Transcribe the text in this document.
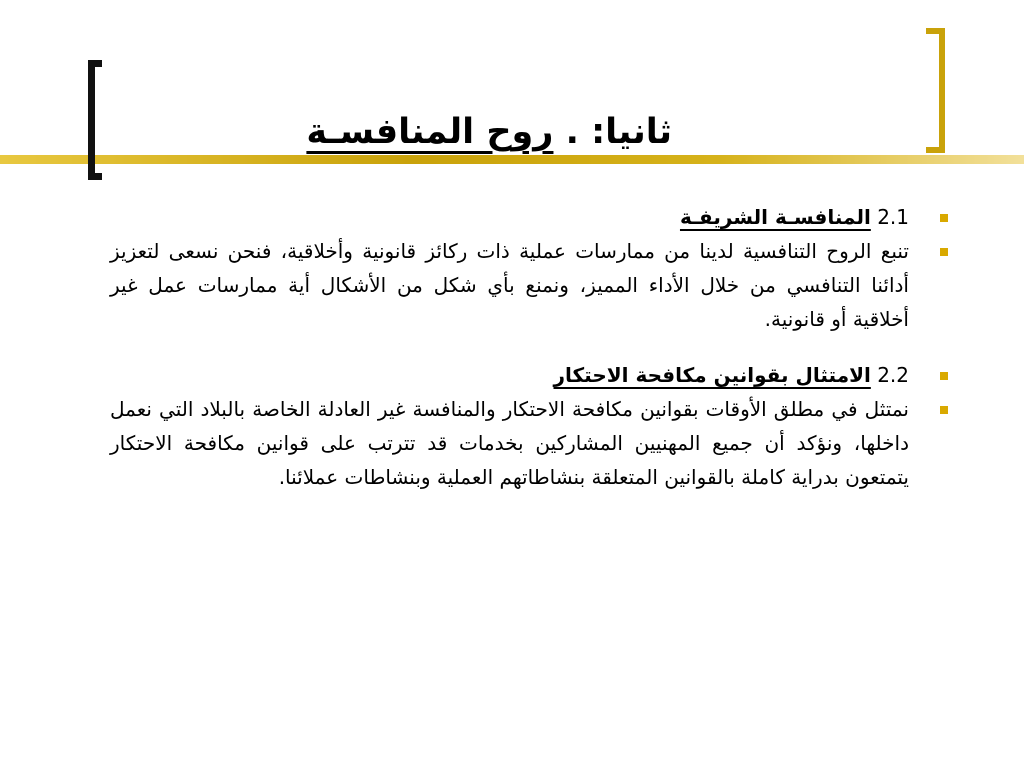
ثانيا: . روح المنافسـة
2.1 المنافسـة الشريفـة
تنبع الروح التنافسية لدينا من ممارسات عملية ذات ركائز قانونية وأخلاقية، فنحن نسعى لتعزيز أدائنا التنافسي من خلال الأداء المميز، ونمنع بأي شكل من الأشكال أية ممارسات عمل غير أخلاقية أو قانونية.
2.2 الامتثال بقوانين مكافحة الاحتكار
نمتثل في مطلق الأوقات بقوانين مكافحة الاحتكار والمنافسة غير العادلة الخاصة بالبلاد التي نعمل داخلها، ونؤكد أن جميع المهنيين المشاركين بخدمات قد تترتب على قوانين مكافحة الاحتكار يتمتعون بدراية كاملة بالقوانين المتعلقة بنشاطاتهم العملية وبنشاطات عملائنا.
